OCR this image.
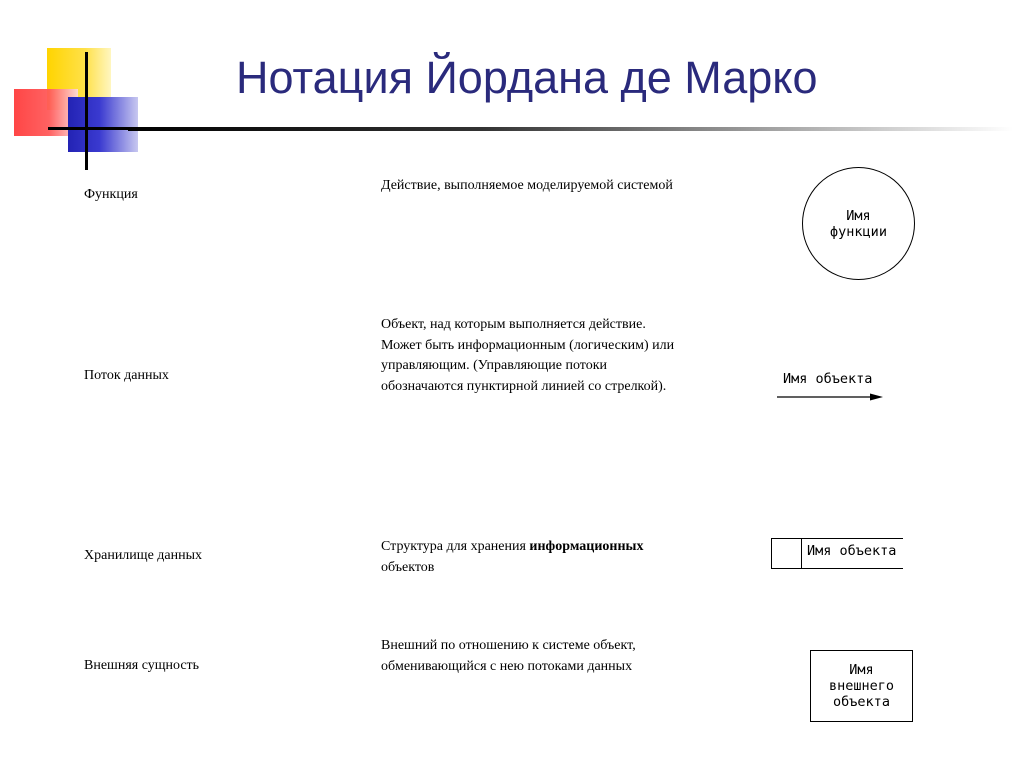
Нотация Йордана де Марко
Функция
Действие, выполняемое моделируемой системой
Имя
функции
Поток данных
Объект, над которым выполняется действие. Может быть информационным (логическим) или управляющим. (Управляющие потоки обозначаются пунктирной линией со стрелкой).	Имя объекта
Хранилище данных
Структура для хранения информационных объектов
Имя объекта
Внешняя сущность
Внешний по отношению к системе объект, обменивающийся с нею потоками данных	Имя
внешнего
объекта
